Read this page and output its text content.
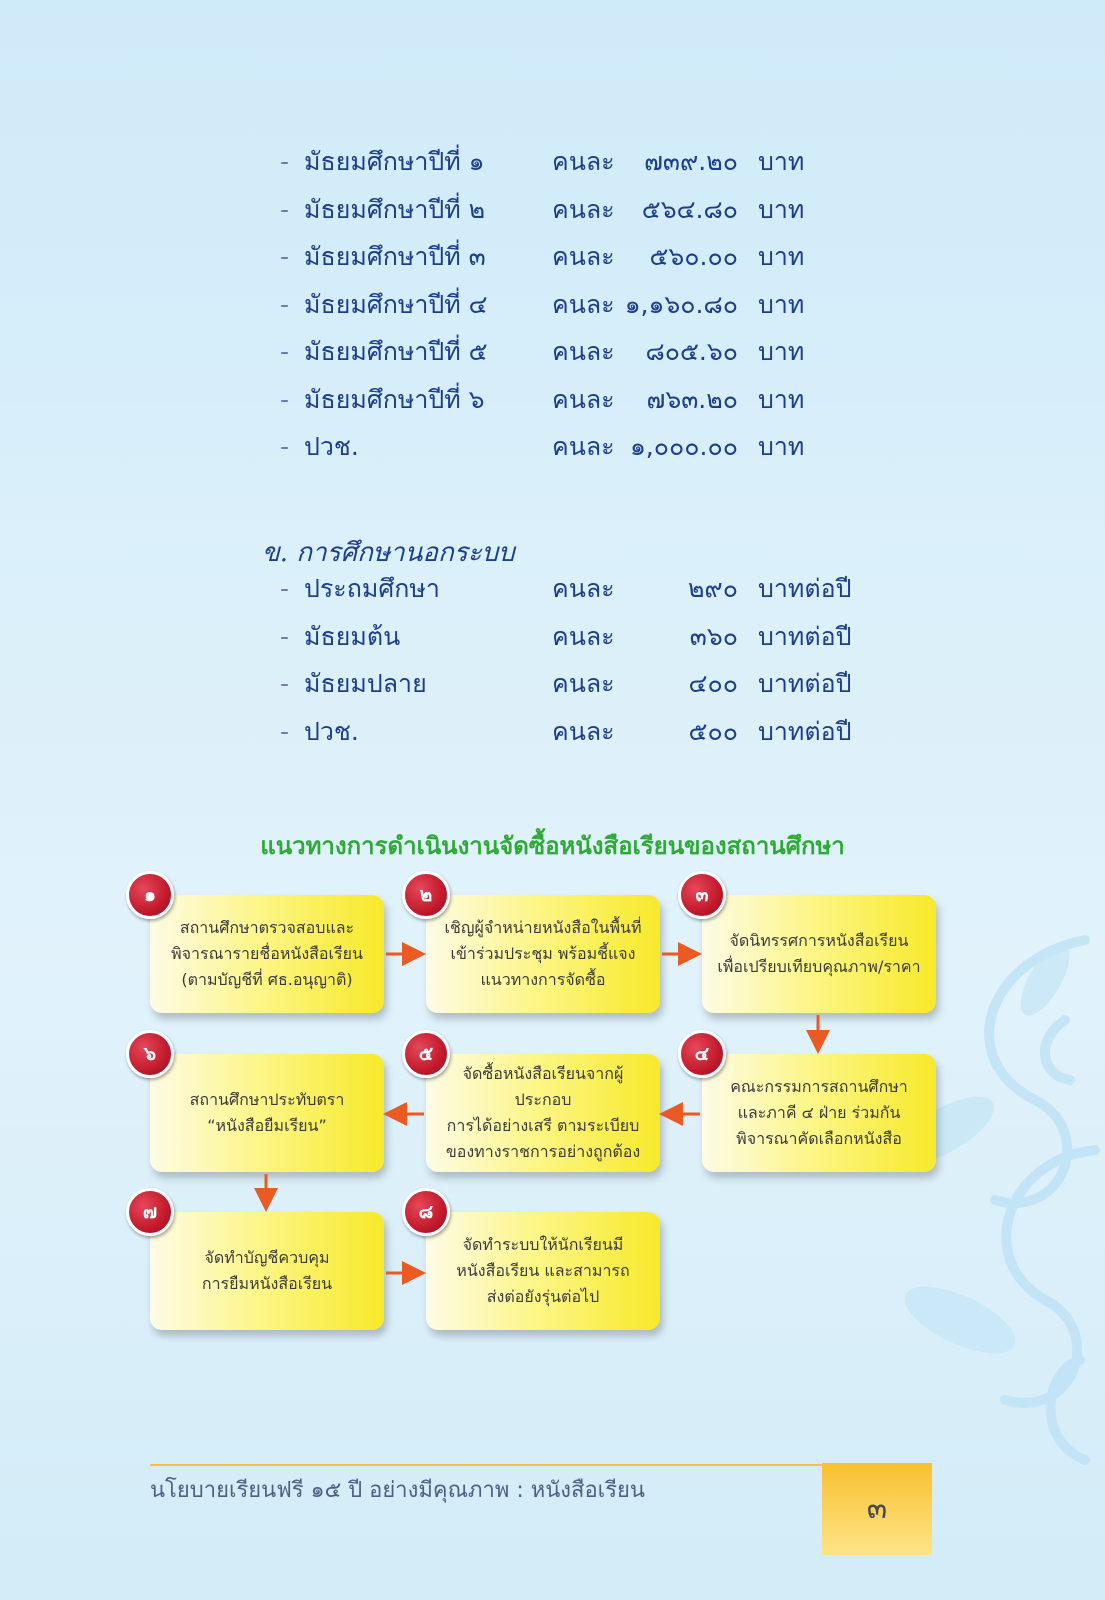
- มัธยมศึกษาปีที่ ๑	คนละ	๗๓๙.๒๐ บาท
- มัธยมศึกษาปีที่ ๒	คนละ	๕๖๔.๘๐ บาท
- มัธยมศึกษาปีที่ ๓	คนละ	๕๖๐.๐๐ บาท
- มัธยมศึกษาปีที่ ๔	คนละ ๑,๑๖๐.๘๐ บาท
- มัธยมศึกษาปีที่ ๕	คนละ	๘๐๕.๖๐ บาท
- มัธยมศึกษาปีที่ ๖	คนละ	๗๖๓.๒๐ บาท
- ปวช.	คนละ ๑,๐๐๐.๐๐ บาท
ข. การศึกษานอกระบบ
- ประถมศึกษา	คนละ	๒๙๐ บาทต่อปี
- มัธยมต้น	คนละ	๓๖๐ บาทต่อปี
- มัธยมปลาย	คนละ	๔๐๐ บาทต่อปี
- ปวช.	คนละ	๕๐๐ บาทต่อปี
แนวทางการดำเนินงานจัดซื้อหนังสือเรียนของสถานศึกษา
สถานศึกษาตรวจสอบและ
พิจารณารายชื่อหนังสือเรียน
(ตามบัญชีที่ ศธ.อนุญาติ)
๑
เชิญผู้จำหน่ายหนังสือในพื้นที่
เข้าร่วมประชุม พร้อมชี้แจง
แนวทางการจัดซื้อ
๒
จัดนิทรรศการหนังสือเรียน
เพื่อเปรียบเทียบคุณภาพ/ราคา
๓
คณะกรรมการสถานศึกษา
และภาคี ๔ ฝ่าย ร่วมกัน
พิจารณาคัดเลือกหนังสือ
๔
จัดซื้อหนังสือเรียนจากผู้ประกอบ
การได้อย่างเสรี ตามระเบียบ
ของทางราชการอย่างถูกต้อง
๕
สถานศึกษาประทับตรา
“หนังสือยืมเรียน”
๖
จัดทำบัญชีควบคุม
การยืมหนังสือเรียน
๗
จัดทำระบบให้นักเรียนมี
หนังสือเรียน และสามารถ
ส่งต่อยังรุ่นต่อไป
๘
นโยบายเรียนฟรี ๑๕ ปี อย่างมีคุณภาพ : หนังสือเรียน
๓
